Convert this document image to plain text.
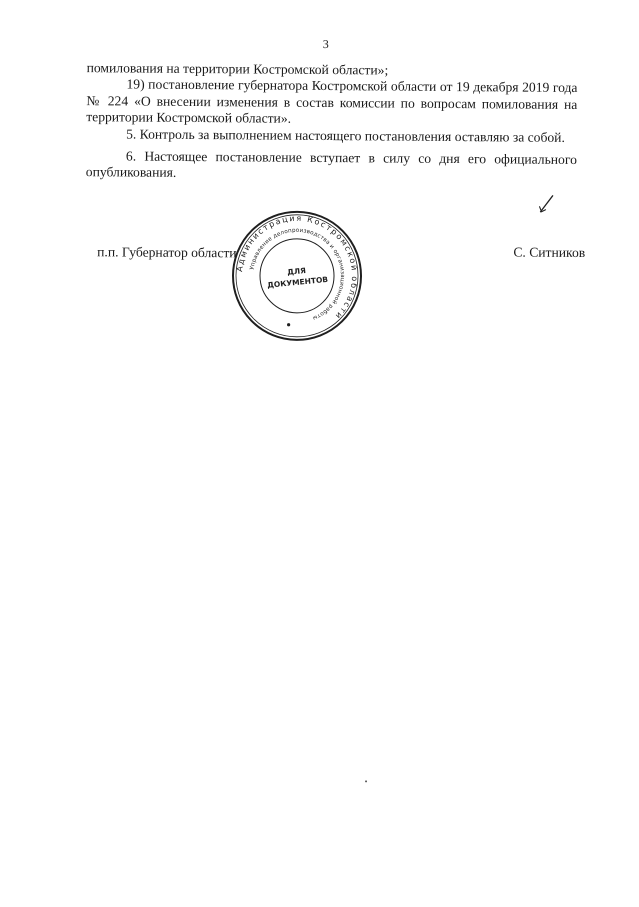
3

помилования на территории Костромской области»;

19) постановление губернатора Костромской области от 19 декабря 2019 года № 224 «О внесении изменения в состав комиссии по вопросам помилования на территории Костромской области».

5. Контроль за выполнением настоящего постановления оставляю за собой.

6. Настоящее постановление вступает в силу со дня его официального опубликования.

п.п. Губернатор области	С. Ситников
Администрация Костромской области
Управление делопроизводства и организационной работы
ДЛЯ
ДОКУМЕНТОВ
